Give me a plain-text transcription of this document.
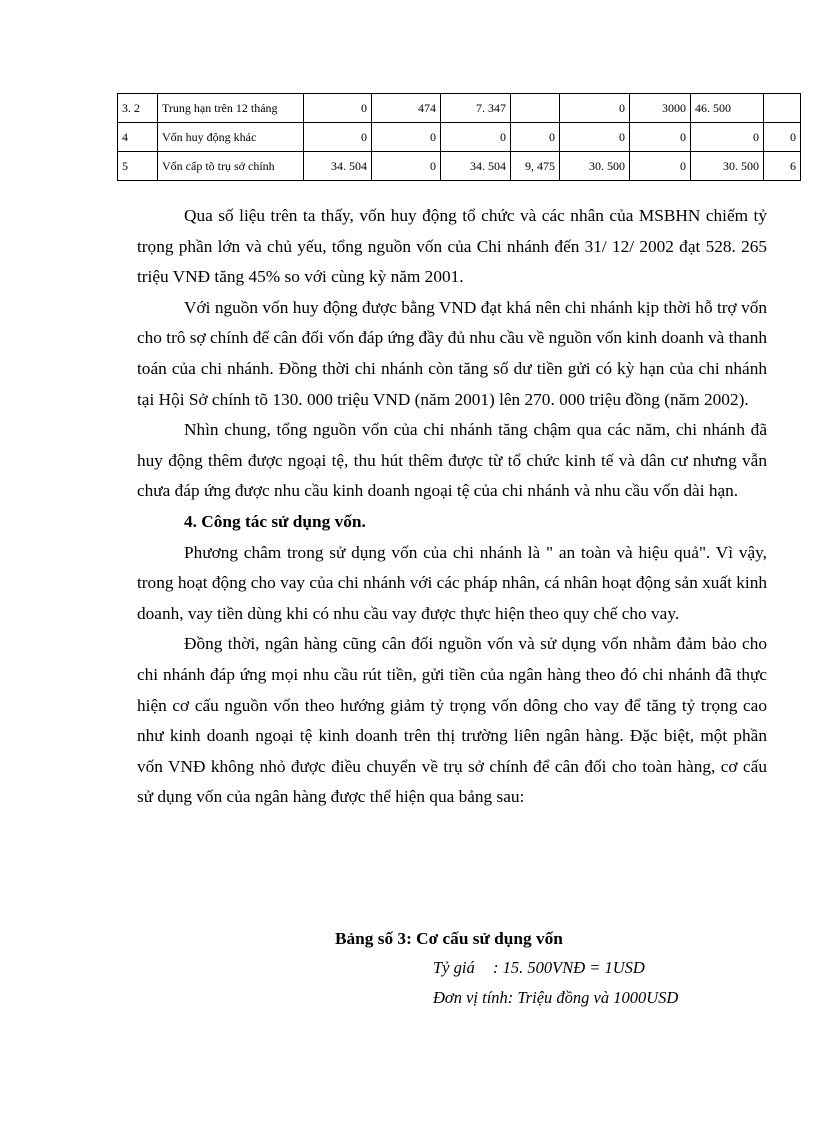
3. 2	Trung hạn trên 12 tháng	0	474	7. 347		0	3000	46. 500	
4	Vốn huy động khác	0	0	0	0	0	0	0	0
5	Vốn cấp tõ trụ sở chính	34. 504	0	34. 504	9, 475	30. 500	0	30. 500	6

Qua số liệu trên ta thấy, vốn huy động tổ chức và các nhân của MSBHN chiếm tỷ trọng phần lớn và chủ yếu, tổng nguồn vốn của Chi nhánh đến 31/ 12/ 2002 đạt 528. 265 triệu VNĐ tăng 45% so với cùng kỳ năm 2001.

Với nguồn vốn huy động được bằng VND đạt khá nên chi nhánh kịp thời hỗ trợ vốn cho trô sợ chính để cân đối vốn đáp ứng đầy đủ nhu cầu về nguồn vốn kinh doanh và thanh toán của chi nhánh. Đồng thời chi nhánh còn tăng số dư tiền gửi có kỳ hạn của chi nhánh tại Hội Sở chính tõ 130. 000 triệu VND (năm 2001) lên 270. 000 triệu đồng (năm 2002).

Nhìn chung, tổng nguồn vốn của chi nhánh tăng chậm qua các năm, chi nhánh đã huy động thêm được ngoại tệ, thu hút thêm được từ tổ chức kinh tế và dân cư nhưng vẫn chưa đáp ứng được nhu cầu kinh doanh ngoại tệ của chi nhánh và nhu cầu vốn dài hạn.

4. Công tác sử dụng vốn.

Phương châm trong sử dụng vốn của chi nhánh là " an toàn và hiệu quả". Vì vậy, trong hoạt động cho vay của chi nhánh với các pháp nhân, cá nhân hoạt động sản xuất kinh doanh, vay tiền dùng khi có nhu cầu vay được thực hiện theo quy chế cho vay.

Đồng thời, ngân hàng cũng cân đối nguồn vốn và sử dụng vốn nhằm đảm bảo cho chi nhánh đáp ứng mọi nhu cầu rút tiền, gửi tiền của ngân hàng theo đó chi nhánh đã thực hiện cơ cấu nguồn vốn theo hướng giảm tỷ trọng vốn dông cho vay để tăng tỷ trọng cao như kinh doanh ngoại tệ kinh doanh trên thị trường liên ngân hàng. Đặc biệt, một phần vốn VNĐ không nhỏ được điều chuyển về trụ sở chính để cân đối cho toàn hàng, cơ cấu sử dụng vốn của ngân hàng được thể hiện qua bảng sau:

Bảng số 3: Cơ cấu sử dụng vốn
Tỷ giá : 15. 500VNĐ = 1USD
Đơn vị tính: Triệu đồng và 1000USD
